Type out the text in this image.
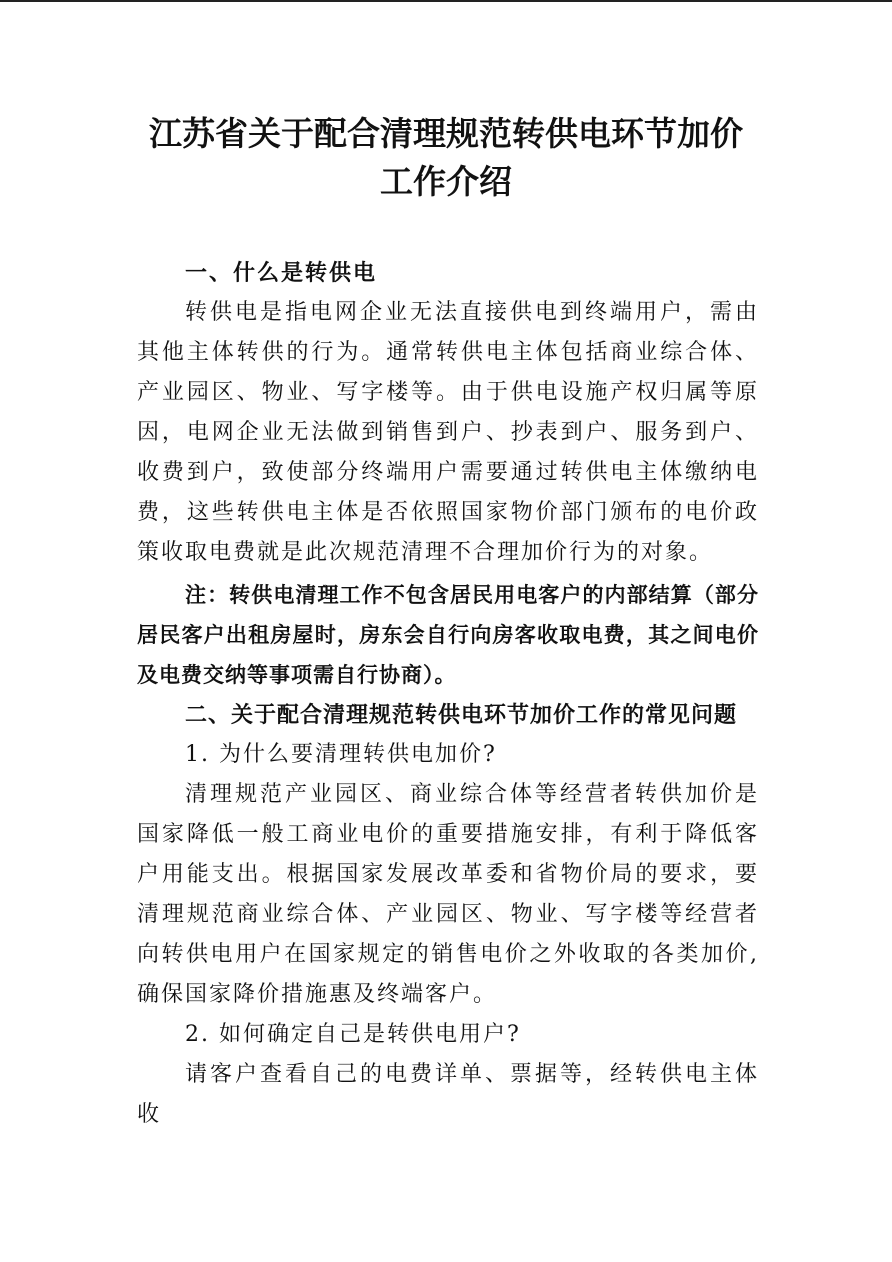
江苏省关于配合清理规范转供电环节加价
工作介绍

一、什么是转供电

转供电是指电网企业无法直接供电到终端用户，需由其他主体转供的行为。通常转供电主体包括商业综合体、产业园区、物业、写字楼等。由于供电设施产权归属等原因，电网企业无法做到销售到户、抄表到户、服务到户、收费到户，致使部分终端用户需要通过转供电主体缴纳电费，这些转供电主体是否依照国家物价部门颁布的电价政策收取电费就是此次规范清理不合理加价行为的对象。

注：转供电清理工作不包含居民用电客户的内部结算（部分居民客户出租房屋时，房东会自行向房客收取电费，其之间电价及电费交纳等事项需自行协商）。

二、关于配合清理规范转供电环节加价工作的常见问题

1. 为什么要清理转供电加价?

清理规范产业园区、商业综合体等经营者转供加价是国家降低一般工商业电价的重要措施安排，有利于降低客户用能支出。根据国家发展改革委和省物价局的要求，要清理规范商业综合体、产业园区、物业、写字楼等经营者向转供电用户在国家规定的销售电价之外收取的各类加价,确保国家降价措施惠及终端客户。

2. 如何确定自己是转供电用户?

请客户查看自己的电费详单、票据等，经转供电主体收
